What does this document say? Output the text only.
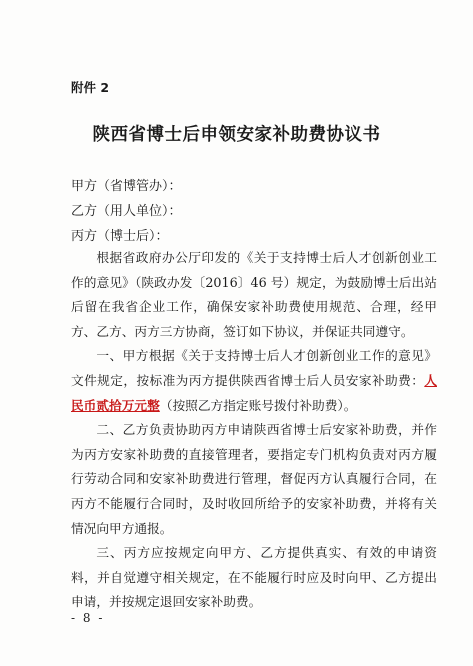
附件 2
陕西省博士后申领安家补助费协议书
甲方（省博管办）：
乙方（用人单位）：
丙方（博士后）：

根据省政府办公厅印发的《关于支持博士后人才创新创业工作的意见》（陕政办发〔2016〕46 号）规定，为鼓励博士后出站后留在我省企业工作，确保安家补助费使用规范、合理，经甲方、乙方、丙方三方协商，签订如下协议，并保证共同遵守。

一、甲方根据《关于支持博士后人才创新创业工作的意见》文件规定，按标准为丙方提供陕西省博士后人员安家补助费：人民币贰拾万元整（按照乙方指定账号拨付补助费）。

二、乙方负责协助丙方申请陕西省博士后安家补助费，并作为丙方安家补助费的直接管理者，要指定专门机构负责对丙方履行劳动合同和安家补助费进行管理，督促丙方认真履行合同，在丙方不能履行合同时，及时收回所给予的安家补助费，并将有关情况向甲方通报。

三、丙方应按规定向甲方、乙方提供真实、有效的申请资料，并自觉遵守相关规定，在不能履行时应及时向甲、乙方提出申请，并按规定退回安家补助费。

- 8 -
